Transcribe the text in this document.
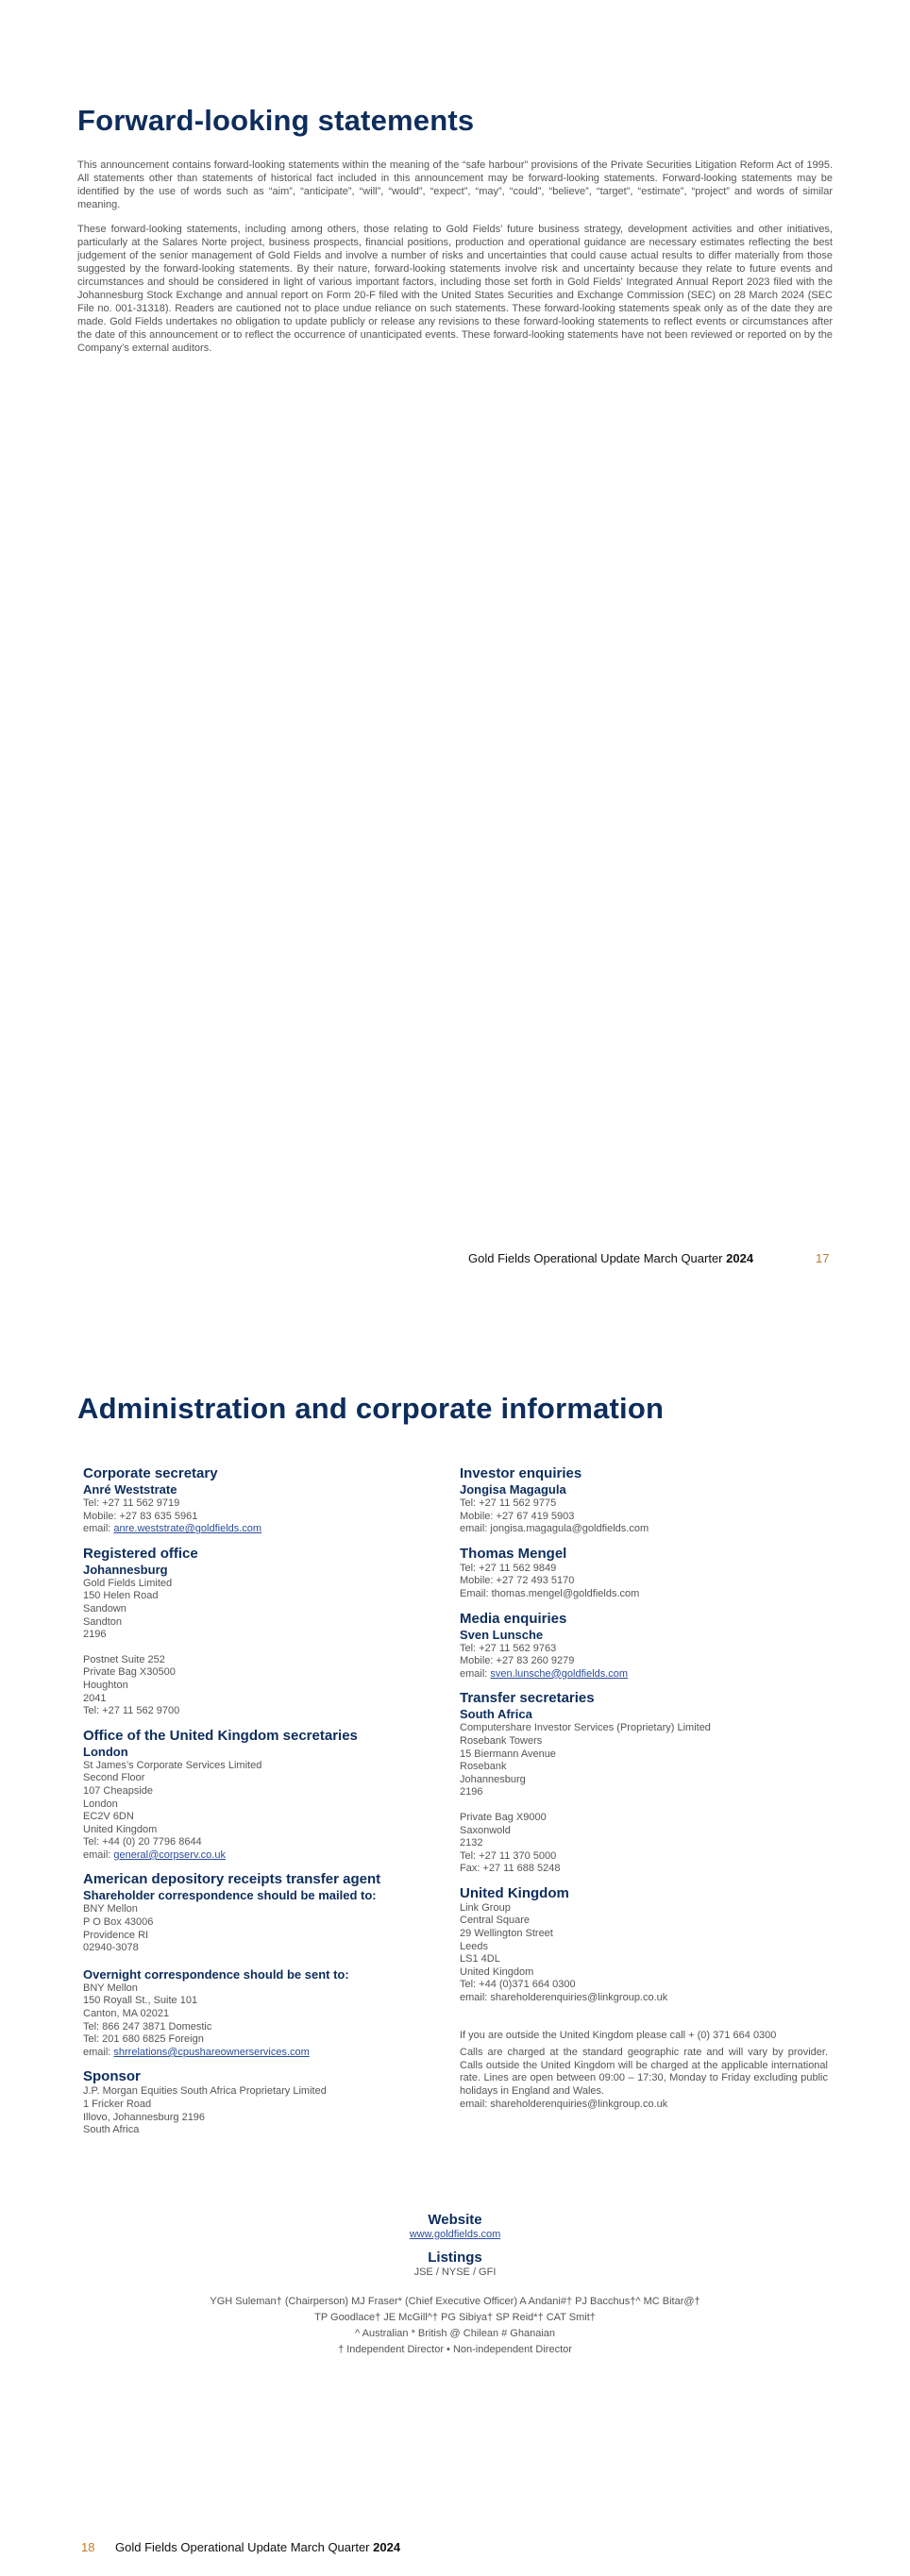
Forward-looking statements

This announcement contains forward-looking statements within the meaning of the “safe harbour” provisions of the Private Securities Litigation Reform Act of 1995. All statements other than statements of historical fact included in this announcement may be forward-looking statements. Forward-looking statements may be identified by the use of words such as “aim”, “anticipate”, “will”, “would”, “expect”, “may”, “could”, “believe”, “target”, “estimate”, “project” and words of similar meaning.

These forward-looking statements, including among others, those relating to Gold Fields’ future business strategy, development activities and other initiatives, particularly at the Salares Norte project, business prospects, financial positions, production and operational guidance are necessary estimates reflecting the best judgement of the senior management of Gold Fields and involve a number of risks and uncertainties that could cause actual results to differ materially from those suggested by the forward-looking statements. By their nature, forward-looking statements involve risk and uncertainty because they relate to future events and circumstances and should be considered in light of various important factors, including those set forth in Gold Fields’ Integrated Annual Report 2023 filed with the Johannesburg Stock Exchange and annual report on Form 20-F filed with the United States Securities and Exchange Commission (SEC) on 28 March 2024 (SEC File no. 001-31318). Readers are cautioned not to place undue reliance on such statements. These forward-looking statements speak only as of the date they are made. Gold Fields undertakes no obligation to update publicly or release any revisions to these forward-looking statements to reflect events or circumstances after the date of this announcement or to reflect the occurrence of unanticipated events. These forward-looking statements have not been reviewed or reported on by the Company’s external auditors.

Gold Fields Operational Update March Quarter 2024	17
Administration and corporate information
Corporate secretary
Anré Weststrate
Tel: +27 11 562 9719
Mobile: +27 83 635 5961
email: anre.weststrate@goldfields.com
Registered office
Johannesburg
Gold Fields Limited
150 Helen Road
Sandown
Sandton
2196
Postnet Suite 252
Private Bag X30500
Houghton
2041
Tel: +27 11 562 9700
Office of the United Kingdom secretaries
London
St James’s Corporate Services Limited
Second Floor
107 Cheapside
London
EC2V 6DN
United Kingdom
Tel: +44 (0) 20 7796 8644
email: general@corpserv.co.uk
American depository receipts transfer agent
Shareholder correspondence should be mailed to:
BNY Mellon
P O Box 43006
Providence RI
02940-3078
Overnight correspondence should be sent to:
BNY Mellon
150 Royall St., Suite 101
Canton, MA 02021
Tel: 866 247 3871 Domestic
Tel: 201 680 6825 Foreign
email: shrrelations@cpushareownerservices.com
Sponsor
J.P. Morgan Equities South Africa Proprietary Limited
1 Fricker Road
Illovo, Johannesburg 2196
South Africa
Investor enquiries
Jongisa Magagula
Tel: +27 11 562 9775
Mobile: +27 67 419 5903
email: jongisa.magagula@goldfields.com
Thomas Mengel
Tel: +27 11 562 9849
Mobile: +27 72 493 5170
Email: thomas.mengel@goldfields.com
Media enquiries
Sven Lunsche
Tel: +27 11 562 9763
Mobile: +27 83 260 9279
email: sven.lunsche@goldfields.com
Transfer secretaries
South Africa
Computershare Investor Services (Proprietary) Limited
Rosebank Towers
15 Biermann Avenue
Rosebank
Johannesburg
2196
Private Bag X9000
Saxonwold
2132
Tel: +27 11 370 5000
Fax: +27 11 688 5248
United Kingdom
Link Group
Central Square
29 Wellington Street
Leeds
LS1 4DL
United Kingdom
Tel: +44 (0)371 664 0300
email: shareholderenquiries@linkgroup.co.uk
If you are outside the United Kingdom please call + (0) 371 664 0300
Calls are charged at the standard geographic rate and will vary by provider. Calls outside the United Kingdom will be charged at the applicable international rate. Lines are open between 09:00 – 17:30, Monday to Friday excluding public holidays in England and Wales.
email: shareholderenquiries@linkgroup.co.uk
Website
www.goldfields.com
Listings
JSE / NYSE / GFI
YGH Suleman† (Chairperson) MJ Fraser* (Chief Executive Officer) A Andani#† PJ Bacchus†^ MC Bitar@†
TP Goodlace† JE McGill^† PG Sibiya† SP Reid*† CAT Smit†
^ Australian * British @ Chilean # Ghanaian
† Independent Director • Non-independent Director
18 Gold Fields Operational Update March Quarter 2024
